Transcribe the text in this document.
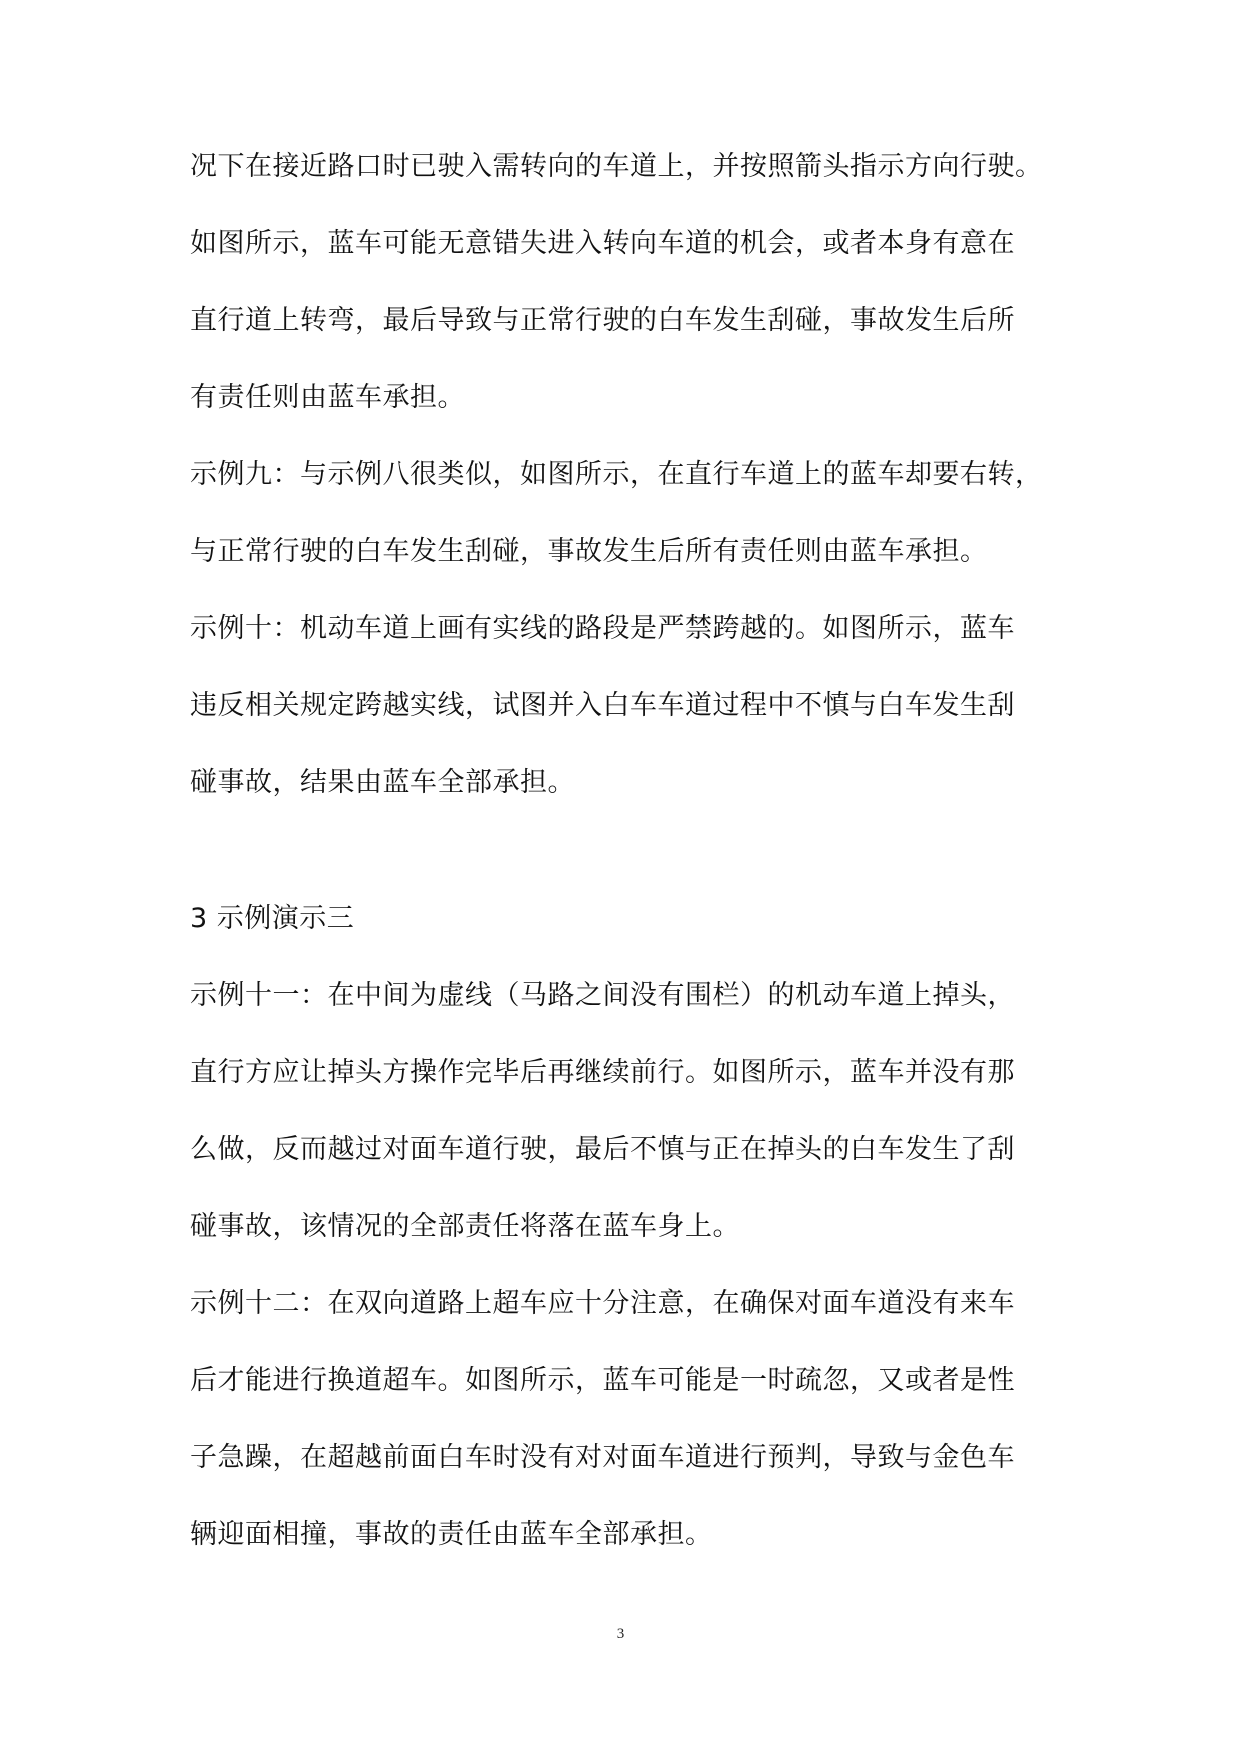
况下在接近路口时已驶入需转向的车道上，并按照箭头指示方向行驶。
如图所示，蓝车可能无意错失进入转向车道的机会，或者本身有意在
直行道上转弯，最后导致与正常行驶的白车发生刮碰，事故发生后所
有责任则由蓝车承担。
示例九：与示例八很类似，如图所示，在直行车道上的蓝车却要右转，
与正常行驶的白车发生刮碰，事故发生后所有责任则由蓝车承担。
示例十：机动车道上画有实线的路段是严禁跨越的。如图所示，蓝车
违反相关规定跨越实线，试图并入白车车道过程中不慎与白车发生刮
碰事故，结果由蓝车全部承担。
3 示例演示三
示例十一：在中间为虚线（马路之间没有围栏）的机动车道上掉头，
直行方应让掉头方操作完毕后再继续前行。如图所示，蓝车并没有那
么做，反而越过对面车道行驶，最后不慎与正在掉头的白车发生了刮
碰事故，该情况的全部责任将落在蓝车身上。
示例十二：在双向道路上超车应十分注意，在确保对面车道没有来车
后才能进行换道超车。如图所示，蓝车可能是一时疏忽，又或者是性
子急躁，在超越前面白车时没有对对面车道进行预判，导致与金色车
辆迎面相撞，事故的责任由蓝车全部承担。
3
